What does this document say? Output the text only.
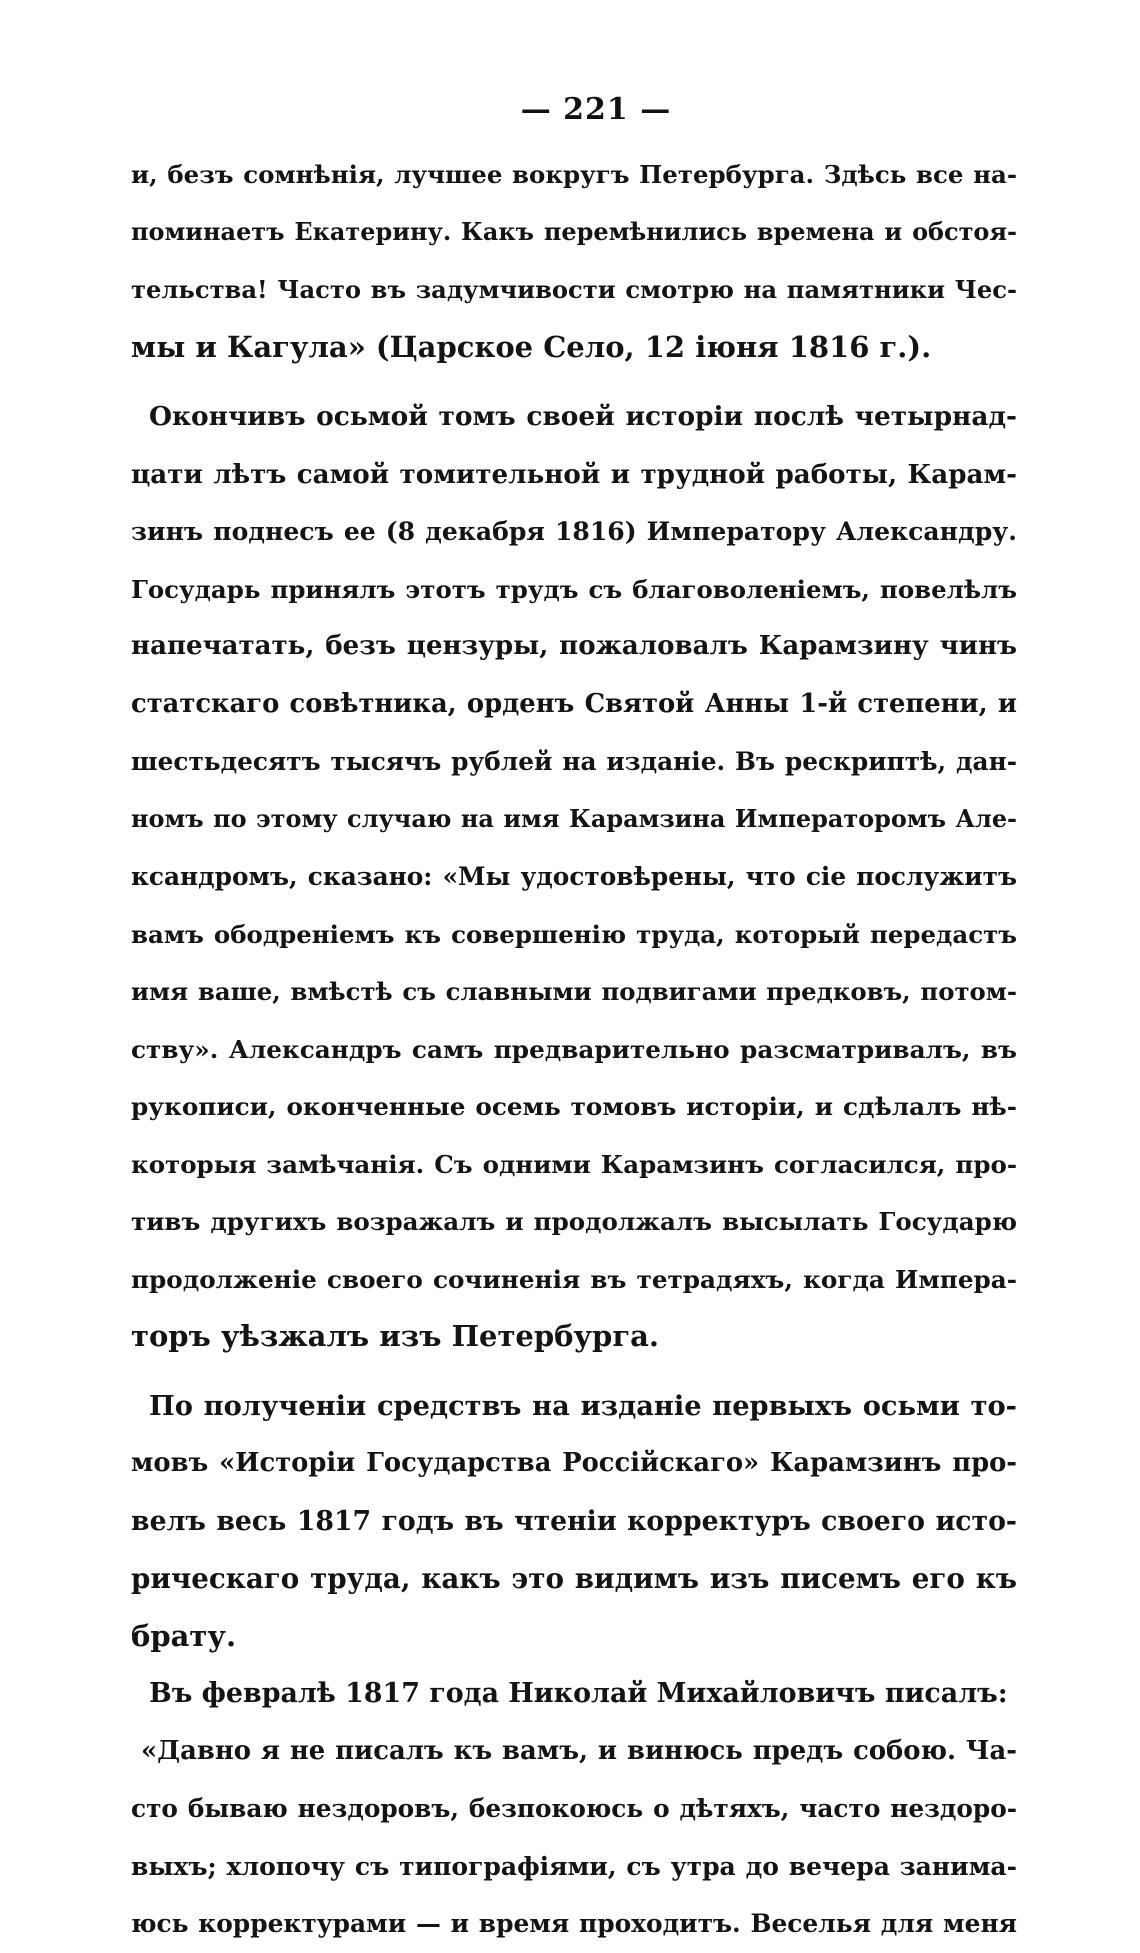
— 221 —
и, безъ сомнѣнія, лучшее вокругъ Петербурга. Здѣсь все на-
поминаетъ Екатерину. Какъ перемѣнились времена и обстоя-
тельства! Часто въ задумчивости смотрю на памятники Чес-
мы и Кагула» (Царское Село, 12 іюня 1816 г.).
Окончивъ осьмой томъ своей исторіи послѣ четырнад-
цати лѣтъ самой томительной и трудной работы, Карам-
зинъ поднесъ ее (8 декабря 1816) Императору Александру.
Государь принялъ этотъ трудъ съ благоволеніемъ, повелѣлъ
напечатать, безъ цензуры, пожаловалъ Карамзину чинъ
статскаго совѣтника, орденъ Святой Анны 1-й степени, и
шестьдесятъ тысячъ рублей на изданіе. Въ рескриптѣ, дан-
номъ по этому случаю на имя Карамзина Императоромъ Але-
ксандромъ, сказано: «Мы удостовѣрены, что сіе послужитъ
вамъ ободреніемъ къ совершенію труда, который передастъ
имя ваше, вмѣстѣ съ славными подвигами предковъ, потом-
ству». Александръ самъ предварительно разсматривалъ, въ
рукописи, оконченные осемь томовъ исторіи, и сдѣлалъ нѣ-
которыя замѣчанія. Съ одними Карамзинъ согласился, про-
тивъ другихъ возражалъ и продолжалъ высылать Государю
продолженіе своего сочиненія въ тетрадяхъ, когда Импера-
торъ уѣзжалъ изъ Петербурга.
По полученіи средствъ на изданіе первыхъ осьми то-
мовъ «Исторіи Государства Россійскаго» Карамзинъ про-
велъ весь 1817 годъ въ чтеніи корректуръ своего исто-
рическаго труда, какъ это видимъ изъ писемъ его къ
брату.
Въ февралѣ 1817 года Николай Михайловичъ писалъ:
«Давно я не писалъ къ вамъ, и винюсь предъ собою. Ча-
сто бываю нездоровъ, безпокоюсь о дѣтяхъ, часто нездоро-
выхъ; хлопочу съ типографіями, съ утра до вечера занима-
юсь корректурами — и время проходитъ. Веселья для меня
